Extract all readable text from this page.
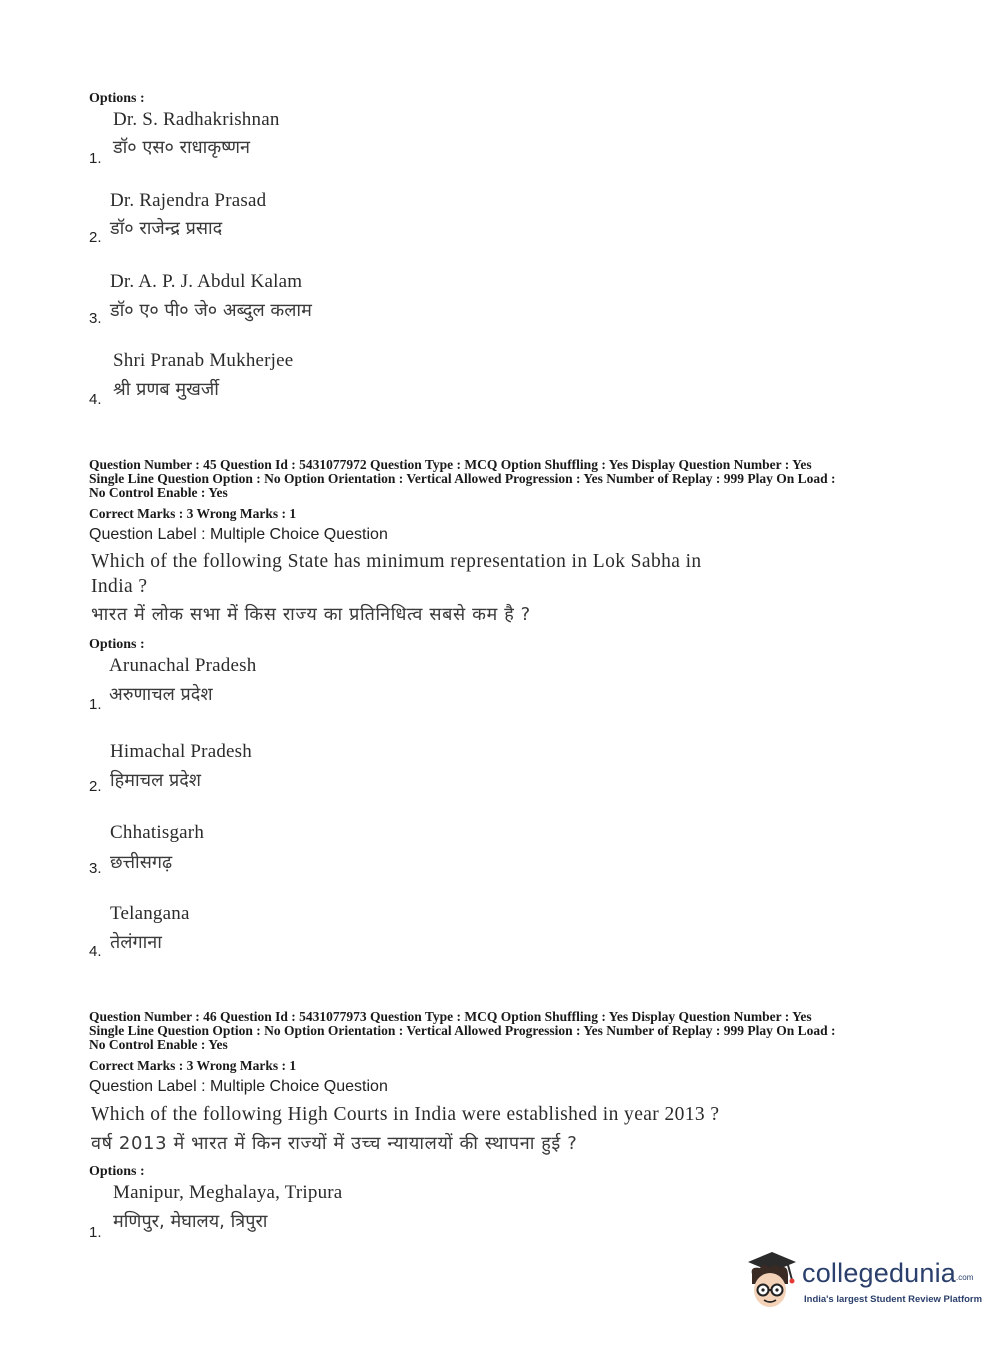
Options :
Dr. S. Radhakrishnan
डॉ० एस० राधाकृष्णन
1.
Dr. Rajendra Prasad
डॉ० राजेन्द्र प्रसाद
2.
Dr. A. P. J. Abdul Kalam
डॉ० ए० पी० जे० अब्दुल कलाम
3.
Shri Pranab Mukherjee
श्री प्रणब मुखर्जी
4.
Question Number : 45 Question Id : 5431077972 Question Type : MCQ Option Shuffling : Yes Display Question Number : Yes
Single Line Question Option : No Option Orientation : Vertical Allowed Progression : Yes Number of Replay : 999 Play On Load :
No Control Enable : Yes
Correct Marks : 3 Wrong Marks : 1
Question Label : Multiple Choice Question
Which of the following State has minimum representation in Lok Sabha in
India ?
भारत में लोक सभा में किस राज्य का प्रतिनिधित्व सबसे कम है ?
Options :
Arunachal Pradesh
अरुणाचल प्रदेश
1.
Himachal Pradesh
हिमाचल प्रदेश
2.
Chhatisgarh
छत्तीसगढ़
3.
Telangana
तेलंगाना
4.
Question Number : 46 Question Id : 5431077973 Question Type : MCQ Option Shuffling : Yes Display Question Number : Yes
Single Line Question Option : No Option Orientation : Vertical Allowed Progression : Yes Number of Replay : 999 Play On Load :
No Control Enable : Yes
Correct Marks : 3 Wrong Marks : 1
Question Label : Multiple Choice Question
Which of the following High Courts in India were established in year 2013 ?
वर्ष 2013 में भारत में किन राज्यों में उच्च न्यायालयों की स्थापना हुई ?
Options :
Manipur, Meghalaya, Tripura
मणिपुर, मेघालय, त्रिपुरा
1.
collegedunia.com
India's largest Student Review Platform
